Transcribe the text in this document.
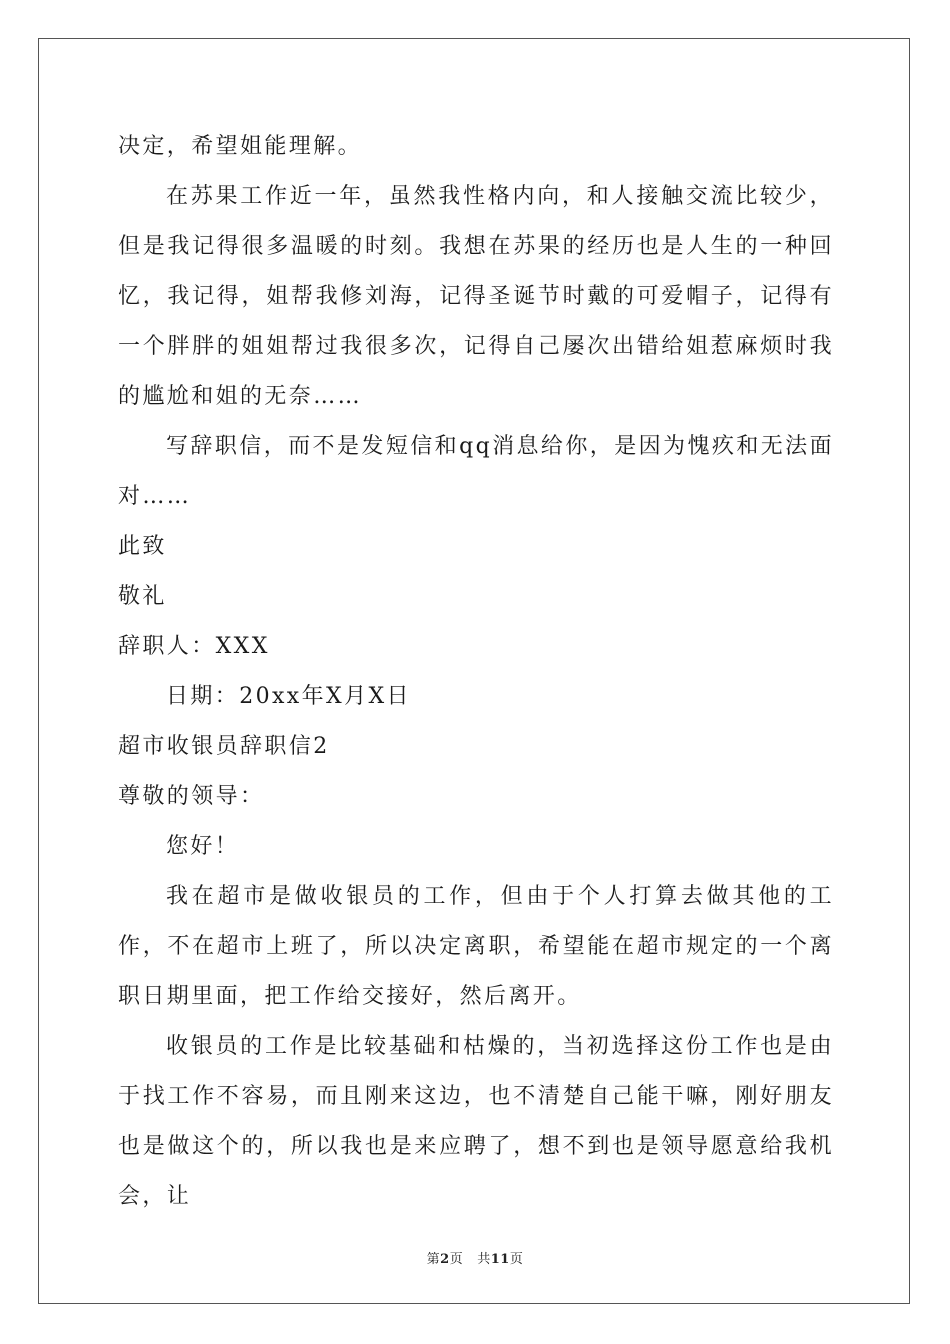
决定，希望姐能理解。

在苏果工作近一年，虽然我性格内向，和人接触交流比较少，但是我记得很多温暖的时刻。我想在苏果的经历也是人生的一种回忆，我记得，姐帮我修刘海，记得圣诞节时戴的可爱帽子，记得有一个胖胖的姐姐帮过我很多次，记得自己屡次出错给姐惹麻烦时我的尴尬和姐的无奈……

写辞职信，而不是发短信和qq消息给你，是因为愧疚和无法面对……

此致

敬礼

辞职人：XXX

日期：20xx年X月X日

超市收银员辞职信2

尊敬的领导：

您好！

我在超市是做收银员的工作，但由于个人打算去做其他的工作，不在超市上班了，所以决定离职，希望能在超市规定的一个离职日期里面，把工作给交接好，然后离开。

收银员的工作是比较基础和枯燥的，当初选择这份工作也是由于找工作不容易，而且刚来这边，也不清楚自己能干嘛，刚好朋友也是做这个的，所以我也是来应聘了，想不到也是领导愿意给我机会，让

第2页 共11页
